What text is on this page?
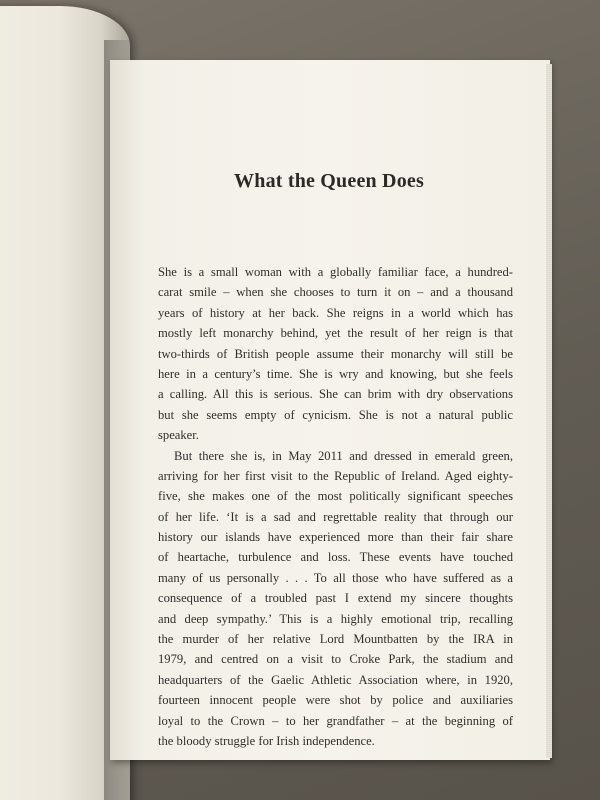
What the Queen Does
She is a small woman with a globally familiar face, a hundred-
carat smile – when she chooses to turn it on – and a thousand
years of history at her back. She reigns in a world which has
mostly left monarchy behind, yet the result of her reign is that
two-thirds of British people assume their monarchy will still be
here in a century’s time. She is wry and knowing, but she feels
a calling. All this is serious. She can brim with dry observations
but she seems empty of cynicism. She is not a natural public
speaker.
But there she is, in May 2011 and dressed in emerald green,
arriving for her first visit to the Republic of Ireland. Aged eighty-
five, she makes one of the most politically significant speeches
of her life. ‘It is a sad and regrettable reality that through our
history our islands have experienced more than their fair share
of heartache, turbulence and loss. These events have touched
many of us personally . . . To all those who have suffered as a
consequence of a troubled past I extend my sincere thoughts
and deep sympathy.’ This is a highly emotional trip, recalling
the murder of her relative Lord Mountbatten by the IRA in
1979, and centred on a visit to Croke Park, the stadium and
headquarters of the Gaelic Athletic Association where, in 1920,
fourteen innocent people were shot by police and auxiliaries
loyal to the Crown – to her grandfather – at the beginning of
the bloody struggle for Irish independence.
